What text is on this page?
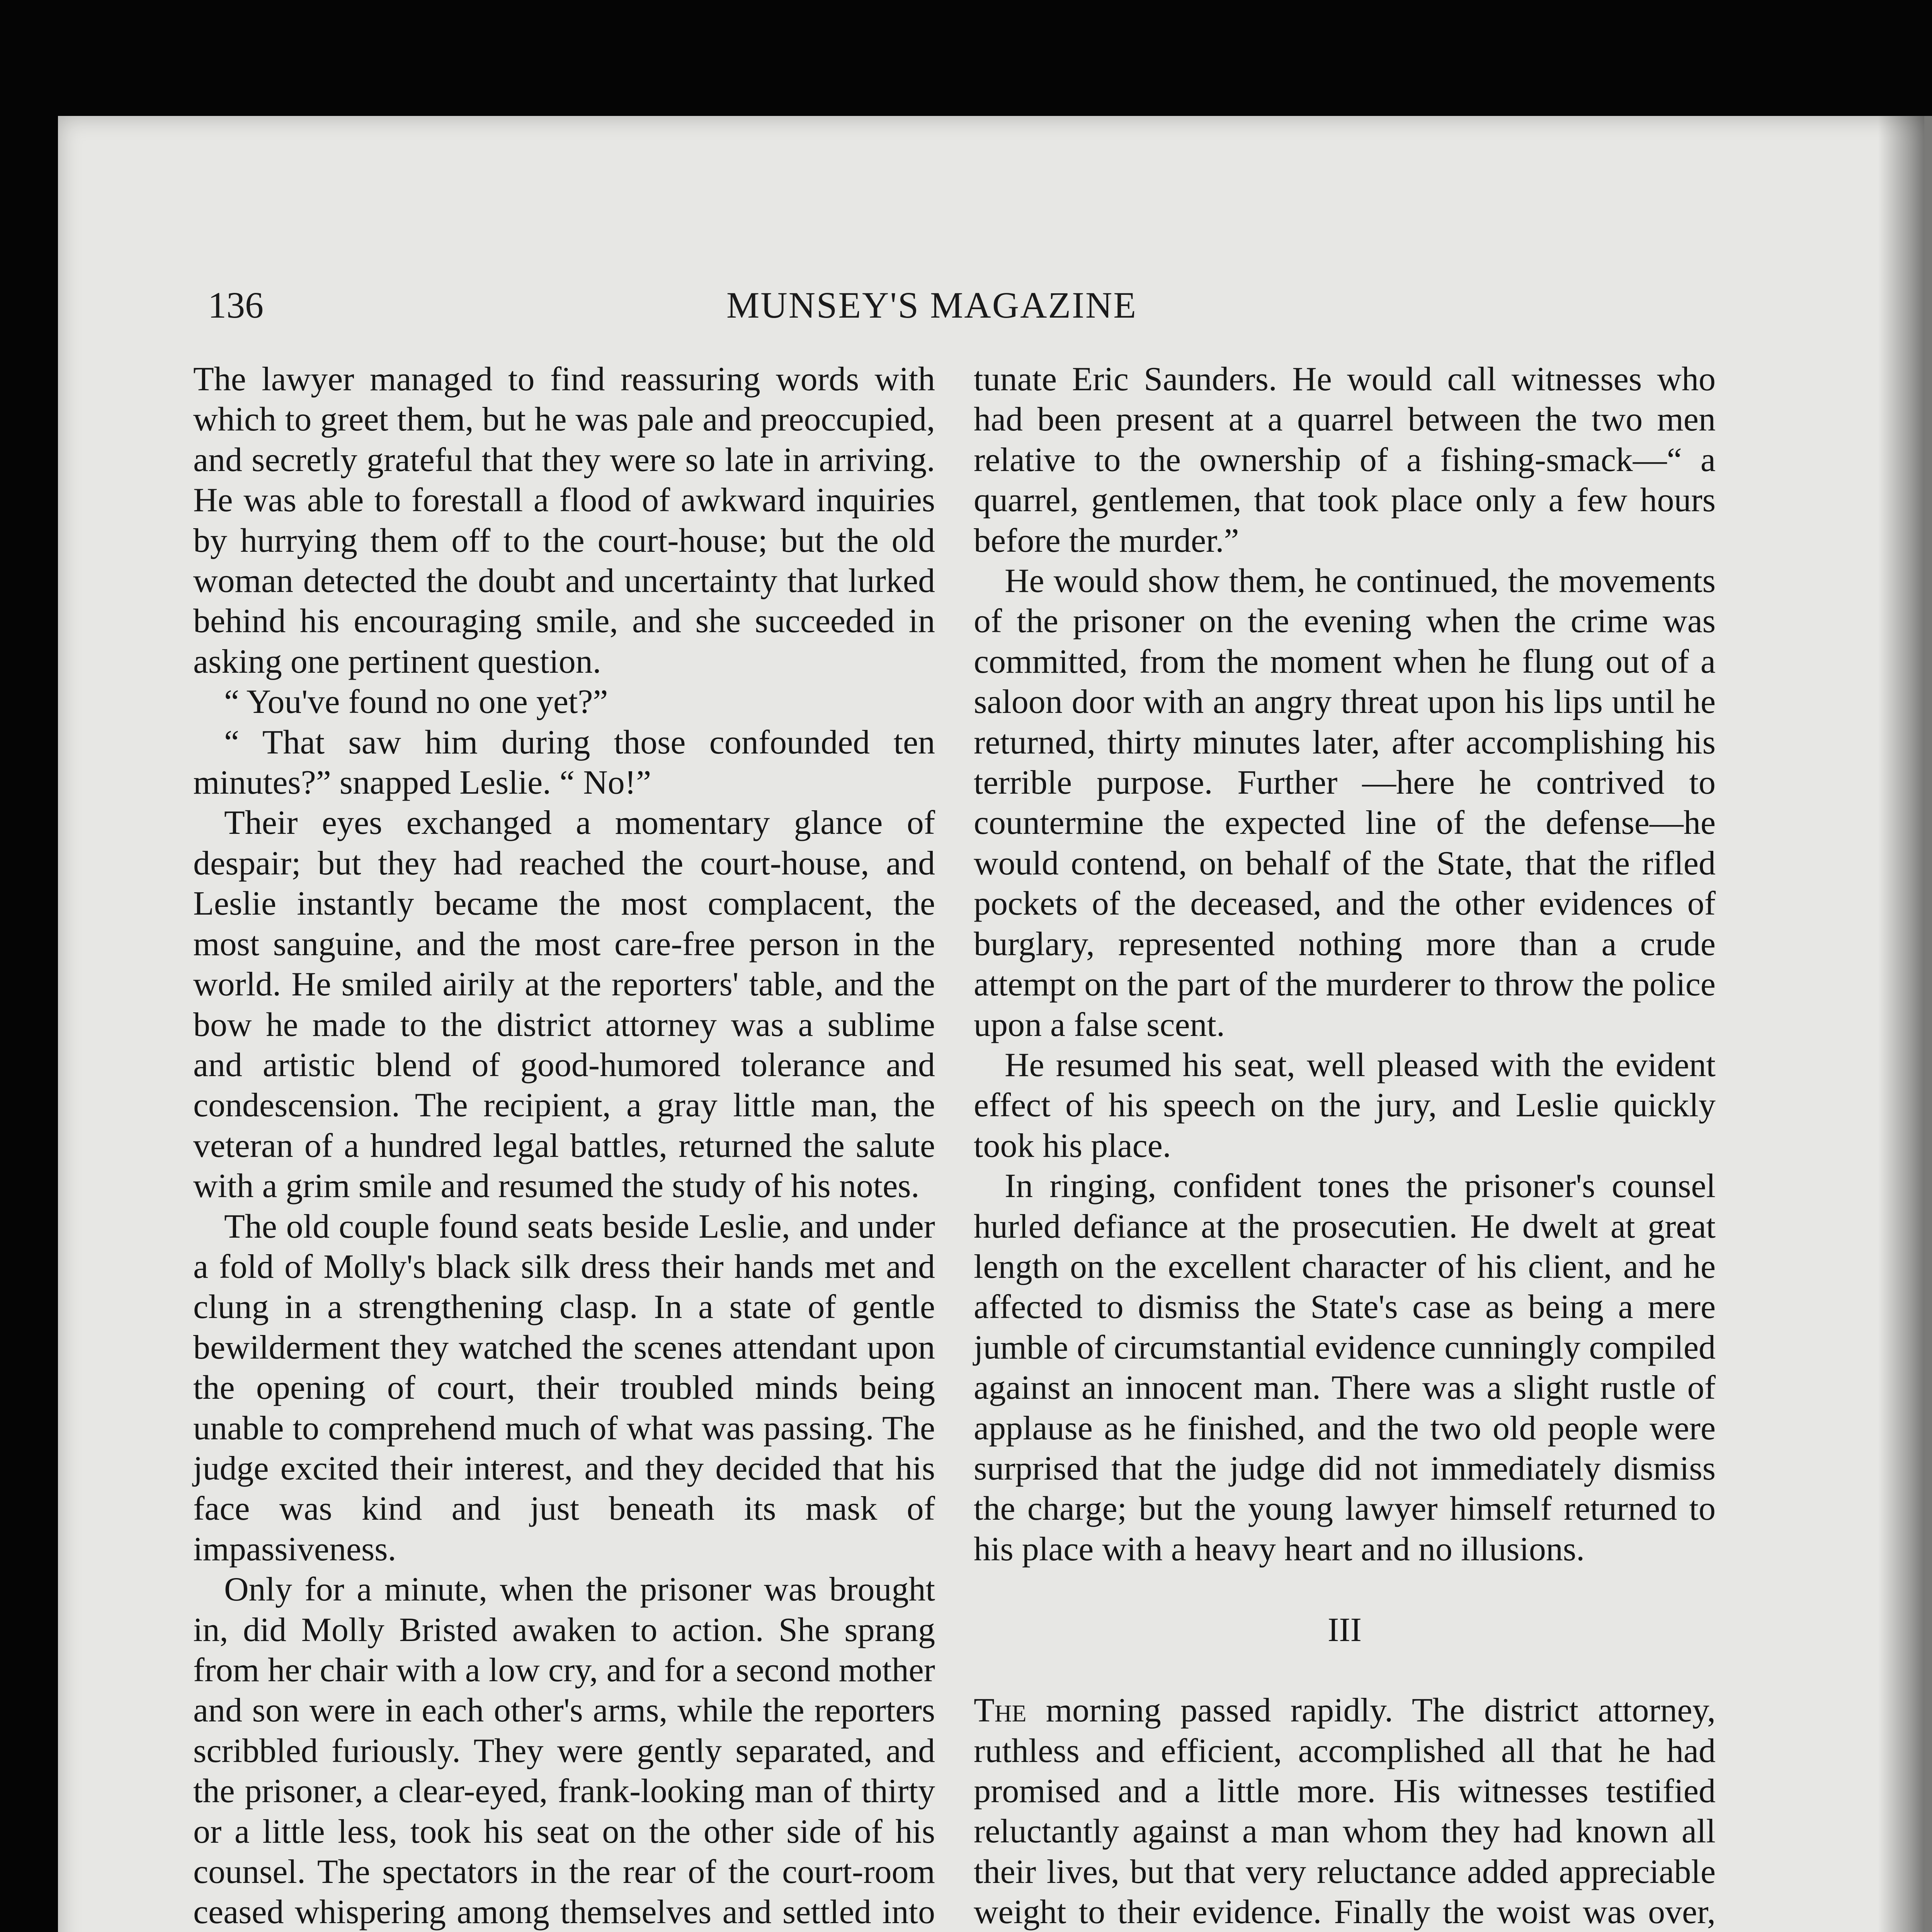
136	MUNSEY'S MAGAZINE

The lawyer managed to find reassuring words with which to greet them, but he was pale and preoccupied, and secretly grateful that they were so late in arriving. He was able to forestall a flood of awkward inquiries by hurrying them off to the court-house; but the old woman detected the doubt and uncertainty that lurked behind his encouraging smile, and she succeeded in asking one pertinent question.

“ You've found no one yet?”

“ That saw him during those confounded ten minutes?” snapped Leslie. “ No!”

Their eyes exchanged a momentary glance of despair; but they had reached the court-house, and Leslie instantly became the most complacent, the most sanguine, and the most care-free person in the world. He smiled airily at the reporters' table, and the bow he made to the district attorney was a sublime and artistic blend of good-humored tolerance and condescension. The recipient, a gray little man, the veteran of a hundred legal battles, returned the salute with a grim smile and resumed the study of his notes.

The old couple found seats beside Leslie, and under a fold of Molly's black silk dress their hands met and clung in a strengthening clasp. In a state of gentle bewilderment they watched the scenes attendant upon the opening of court, their troubled minds being unable to comprehend much of what was passing. The judge excited their interest, and they decided that his face was kind and just beneath its mask of impassiveness.

Only for a minute, when the prisoner was brought in, did Molly Bristed awaken to action. She sprang from her chair with a low cry, and for a second mother and son were in each other's arms, while the reporters scribbled furiously. They were gently separated, and the prisoner, a clear-eyed, frank-looking man of thirty or a little less, took his seat on the other side of his counsel. The spectators in the rear of the court-room ceased whispering among themselves and settled into

tunate Eric Saunders. He would call witnesses who had been present at a quarrel between the two men relative to the ownership of a fishing-smack—“ a quarrel, gentlemen, that took place only a few hours before the murder.”

He would show them, he continued, the movements of the prisoner on the evening when the crime was committed, from the moment when he flung out of a saloon door with an angry threat upon his lips until he returned, thirty minutes later, after accomplishing his terrible purpose. Further —here he contrived to countermine the expected line of the defense—he would contend, on behalf of the State, that the rifled pockets of the deceased, and the other evidences of burglary, represented nothing more than a crude attempt on the part of the murderer to throw the police upon a false scent.

He resumed his seat, well pleased with the evident effect of his speech on the jury, and Leslie quickly took his place.

In ringing, confident tones the prisoner's counsel hurled defiance at the prosecutien. He dwelt at great length on the excellent character of his client, and he affected to dismiss the State's case as being a mere jumble of circumstantial evidence cunningly compiled against an innocent man. There was a slight rustle of applause as he finished, and the two old people were surprised that the judge did not immediately dismiss the charge; but the young lawyer himself returned to his place with a heavy heart and no illusions.

III

The morning passed rapidly. The district attorney, ruthless and efficient, accomplished all that he had promised and a little more. His witnesses testified reluctantly against a man whom they had known all their lives, but that very reluctance added appreciable weight to their evidence. Finally the woist was over,
